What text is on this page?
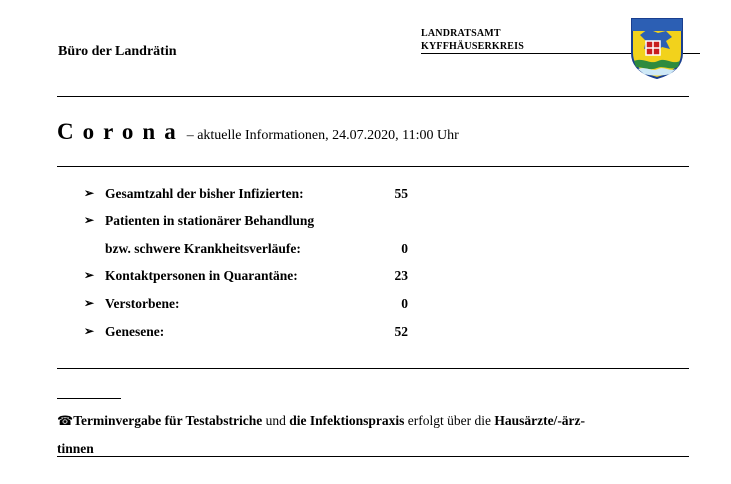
Büro der Landrätin
LANDRATSAMT
KYFFHÄUSERKREIS
Corona – aktuelle Informationen, 24.07.2020, 11:00 Uhr
➢ Gesamtzahl der bisher Infizierten:	55
➢ Patienten in stationärer Behandlung
bzw. schwere Krankheitsverläufe:	0
➢ Kontaktpersonen in Quarantäne:	23
➢ Verstorbene:	0
➢ Genesene:	52
☎Terminvergabe für Testabstriche und die Infektionspraxis erfolgt über die Hausärzte/-ärz-
tinnen
